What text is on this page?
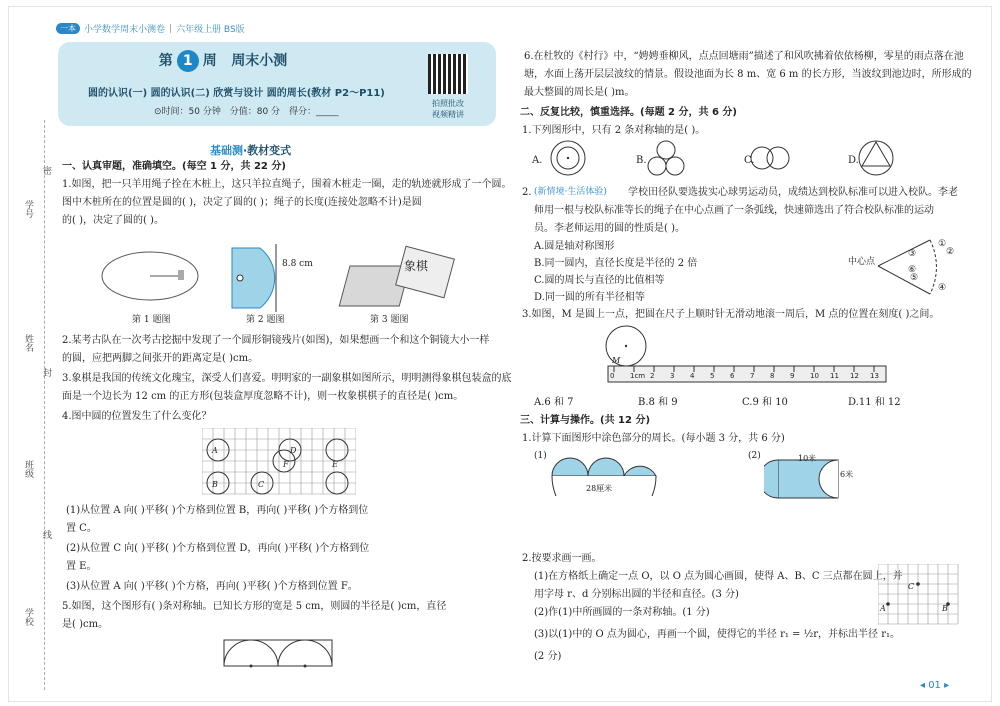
一本 小学数学周末小测卷 | 六年级上册 BS版
第 1 周 周末小测
圆的认识(一) 圆的认识(二) 欣赏与设计 圆的周长(教材 P2～P11)
⊙时间：50 分钟 分值：80 分 得分：_____
拍照批改
视频精讲
基础测·教材变式
学号
密
姓名
封
班级
线
学校
一、认真审题，准确填空。(每空 1 分，共 22 分)
1.如图，把一只羊用绳子拴在木桩上，这只羊拉直绳子，围着木桩走一圈，走的轨迹就形成了一个圆。
图中木桩所在的位置是圆的( )，决定了圆的( )；绳子的长度(连接处忽略不计)是圆
的( )，决定了圆的( )。
8.8 cm	象棋
第 1 题图	第 2 题图	第 3 题图
2.某考古队在一次考古挖掘中发现了一个圆形铜镜残片(如图)，如果想画一个和这个铜镜大小一样
的圆，应把两脚之间张开的距离定是( )cm。
3.象棋是我国的传统文化瑰宝，深受人们喜爱。明明家的一副象棋如图所示，明明测得象棋包装盒的底
面是一个边长为 12 cm 的正方形(包装盒厚度忽略不计)，则一枚象棋棋子的直径是( )cm。
4.图中圆的位置发生了什么变化？
A
B	C
D
E
F
(1)从位置 A 向( )平移( )个方格到位置 B，再向( )平移( )个方格到位
置 C。
(2)从位置 C 向( )平移( )个方格到位置 D，再向( )平移( )个方格到位
置 E。
(3)从位置 A 向( )平移( )个方格，再向( )平移( )个方格到位置 F。
5.如图，这个图形有( )条对称轴。已知长方形的宽是 5 cm，则圆的半径是( )cm，直径
是( )cm。
6.在杜牧的《村行》中，“娉娉垂柳风，点点回塘雨”描述了和风吹拂着依依杨柳，零星的雨点落在池
塘，水面上荡开层层波纹的情景。假设池面为长 8 m、宽 6 m 的长方形，当波纹到池边时，所形成的
最大整圆的周长是( )m。
二、反复比较，慎重选择。(每题 2 分，共 6 分)
1.下列图形中，只有 2 条对称轴的是( )。
A.	B.	C.	D.
2. (新情境·生活体验) 学校田径队要选拔实心球男运动员，成绩达到校队标准可以进入校队。李老
师用一根与校队标准等长的绳子在中心点画了一条弧线，快速筛选出了符合校队标准的运动
员。李老师运用的圆的性质是( )。
A.圆是轴对称图形
B.同一圆内，直径长度是半径的 2 倍
C.圆的周长与直径的比值相等
D.同一圆的所有半径相等
中心点
①
②
③
④
⑤
⑥
3.如图，M 是圆上一点，把圆在尺子上顺时针无滑动地滚一周后，M 点的位置在刻度( )之间。
M
0	1cm 2	3	4	5	6	7	8	9	10	11	12	13
A.6 和 7	B.8 和 9	C.9 和 10	D.11 和 12
三、计算与操作。(共 12 分)
1.计算下面图形中涂色部分的周长。(每小题 3 分，共 6 分)
(1)
28厘米
(2)	10米
6米
2.按要求画一画。
(1)在方格纸上确定一点 O，以 O 点为圆心画圆，使得 A、B、C 三点都在圆上，并
用字母 r、d 分别标出圆的半径和直径。(3 分)
(2)作(1)中所画圆的一条对称轴。(1 分)
(3)以(1)中的 O 点为圆心，再画一个圆，使得它的半径 r₁ = ½r，并标出半径 r₁。
(2 分)
A	B
C
◂ 01 ▸
